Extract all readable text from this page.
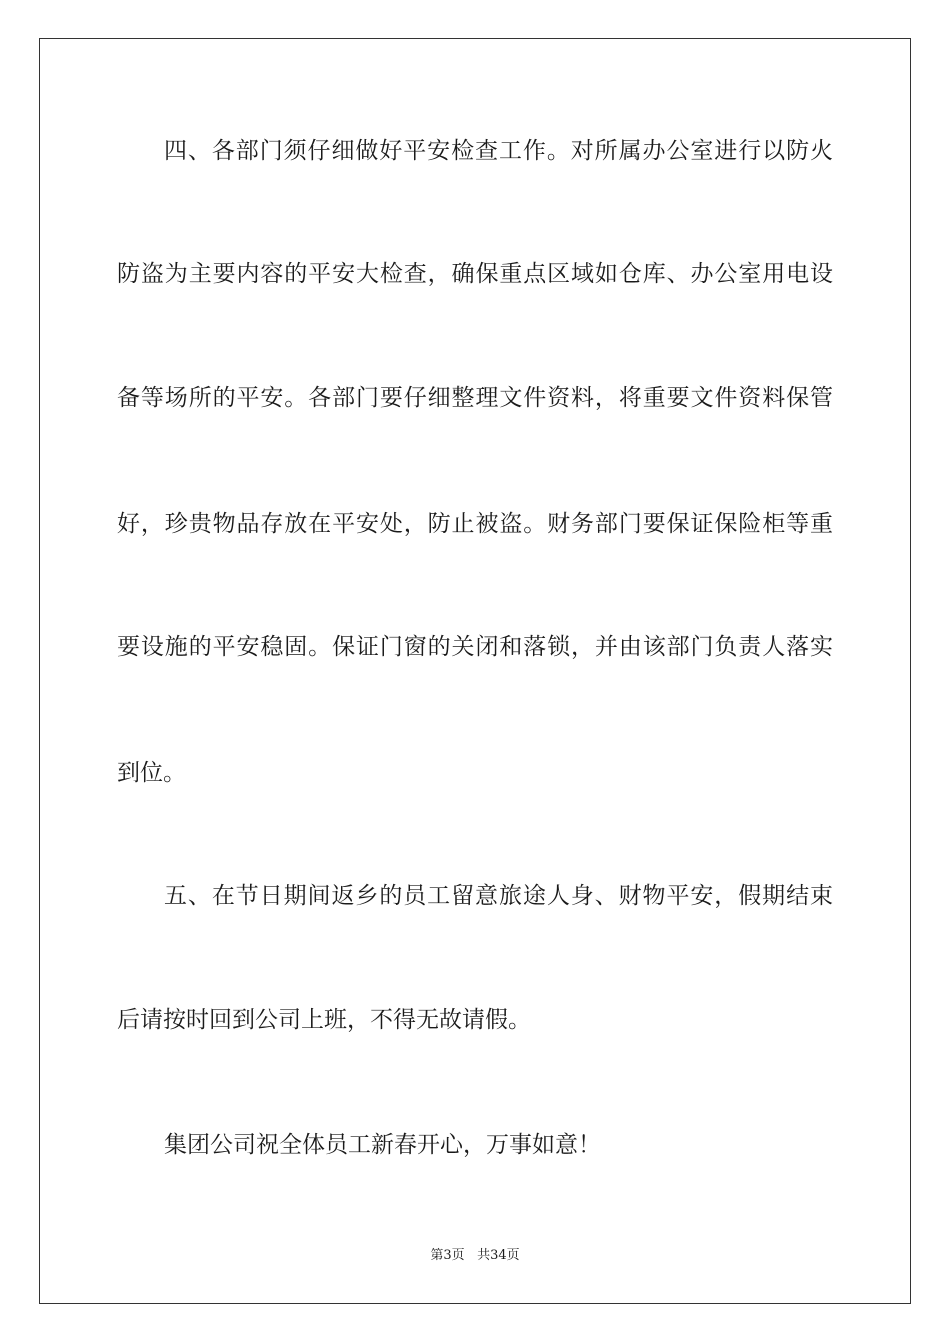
四、各部门须仔细做好平安检查工作。对所属办公室进行以防火
防盗为主要内容的平安大检查，确保重点区域如仓库、办公室用电设
备等场所的平安。各部门要仔细整理文件资料，将重要文件资料保管
好，珍贵物品存放在平安处，防止被盗。财务部门要保证保险柜等重
要设施的平安稳固。保证门窗的关闭和落锁，并由该部门负责人落实
到位。
五、在节日期间返乡的员工留意旅途人身、财物平安，假期结束
后请按时回到公司上班，不得无故请假。
集团公司祝全体员工新春开心，万事如意！
第3页 共34页
